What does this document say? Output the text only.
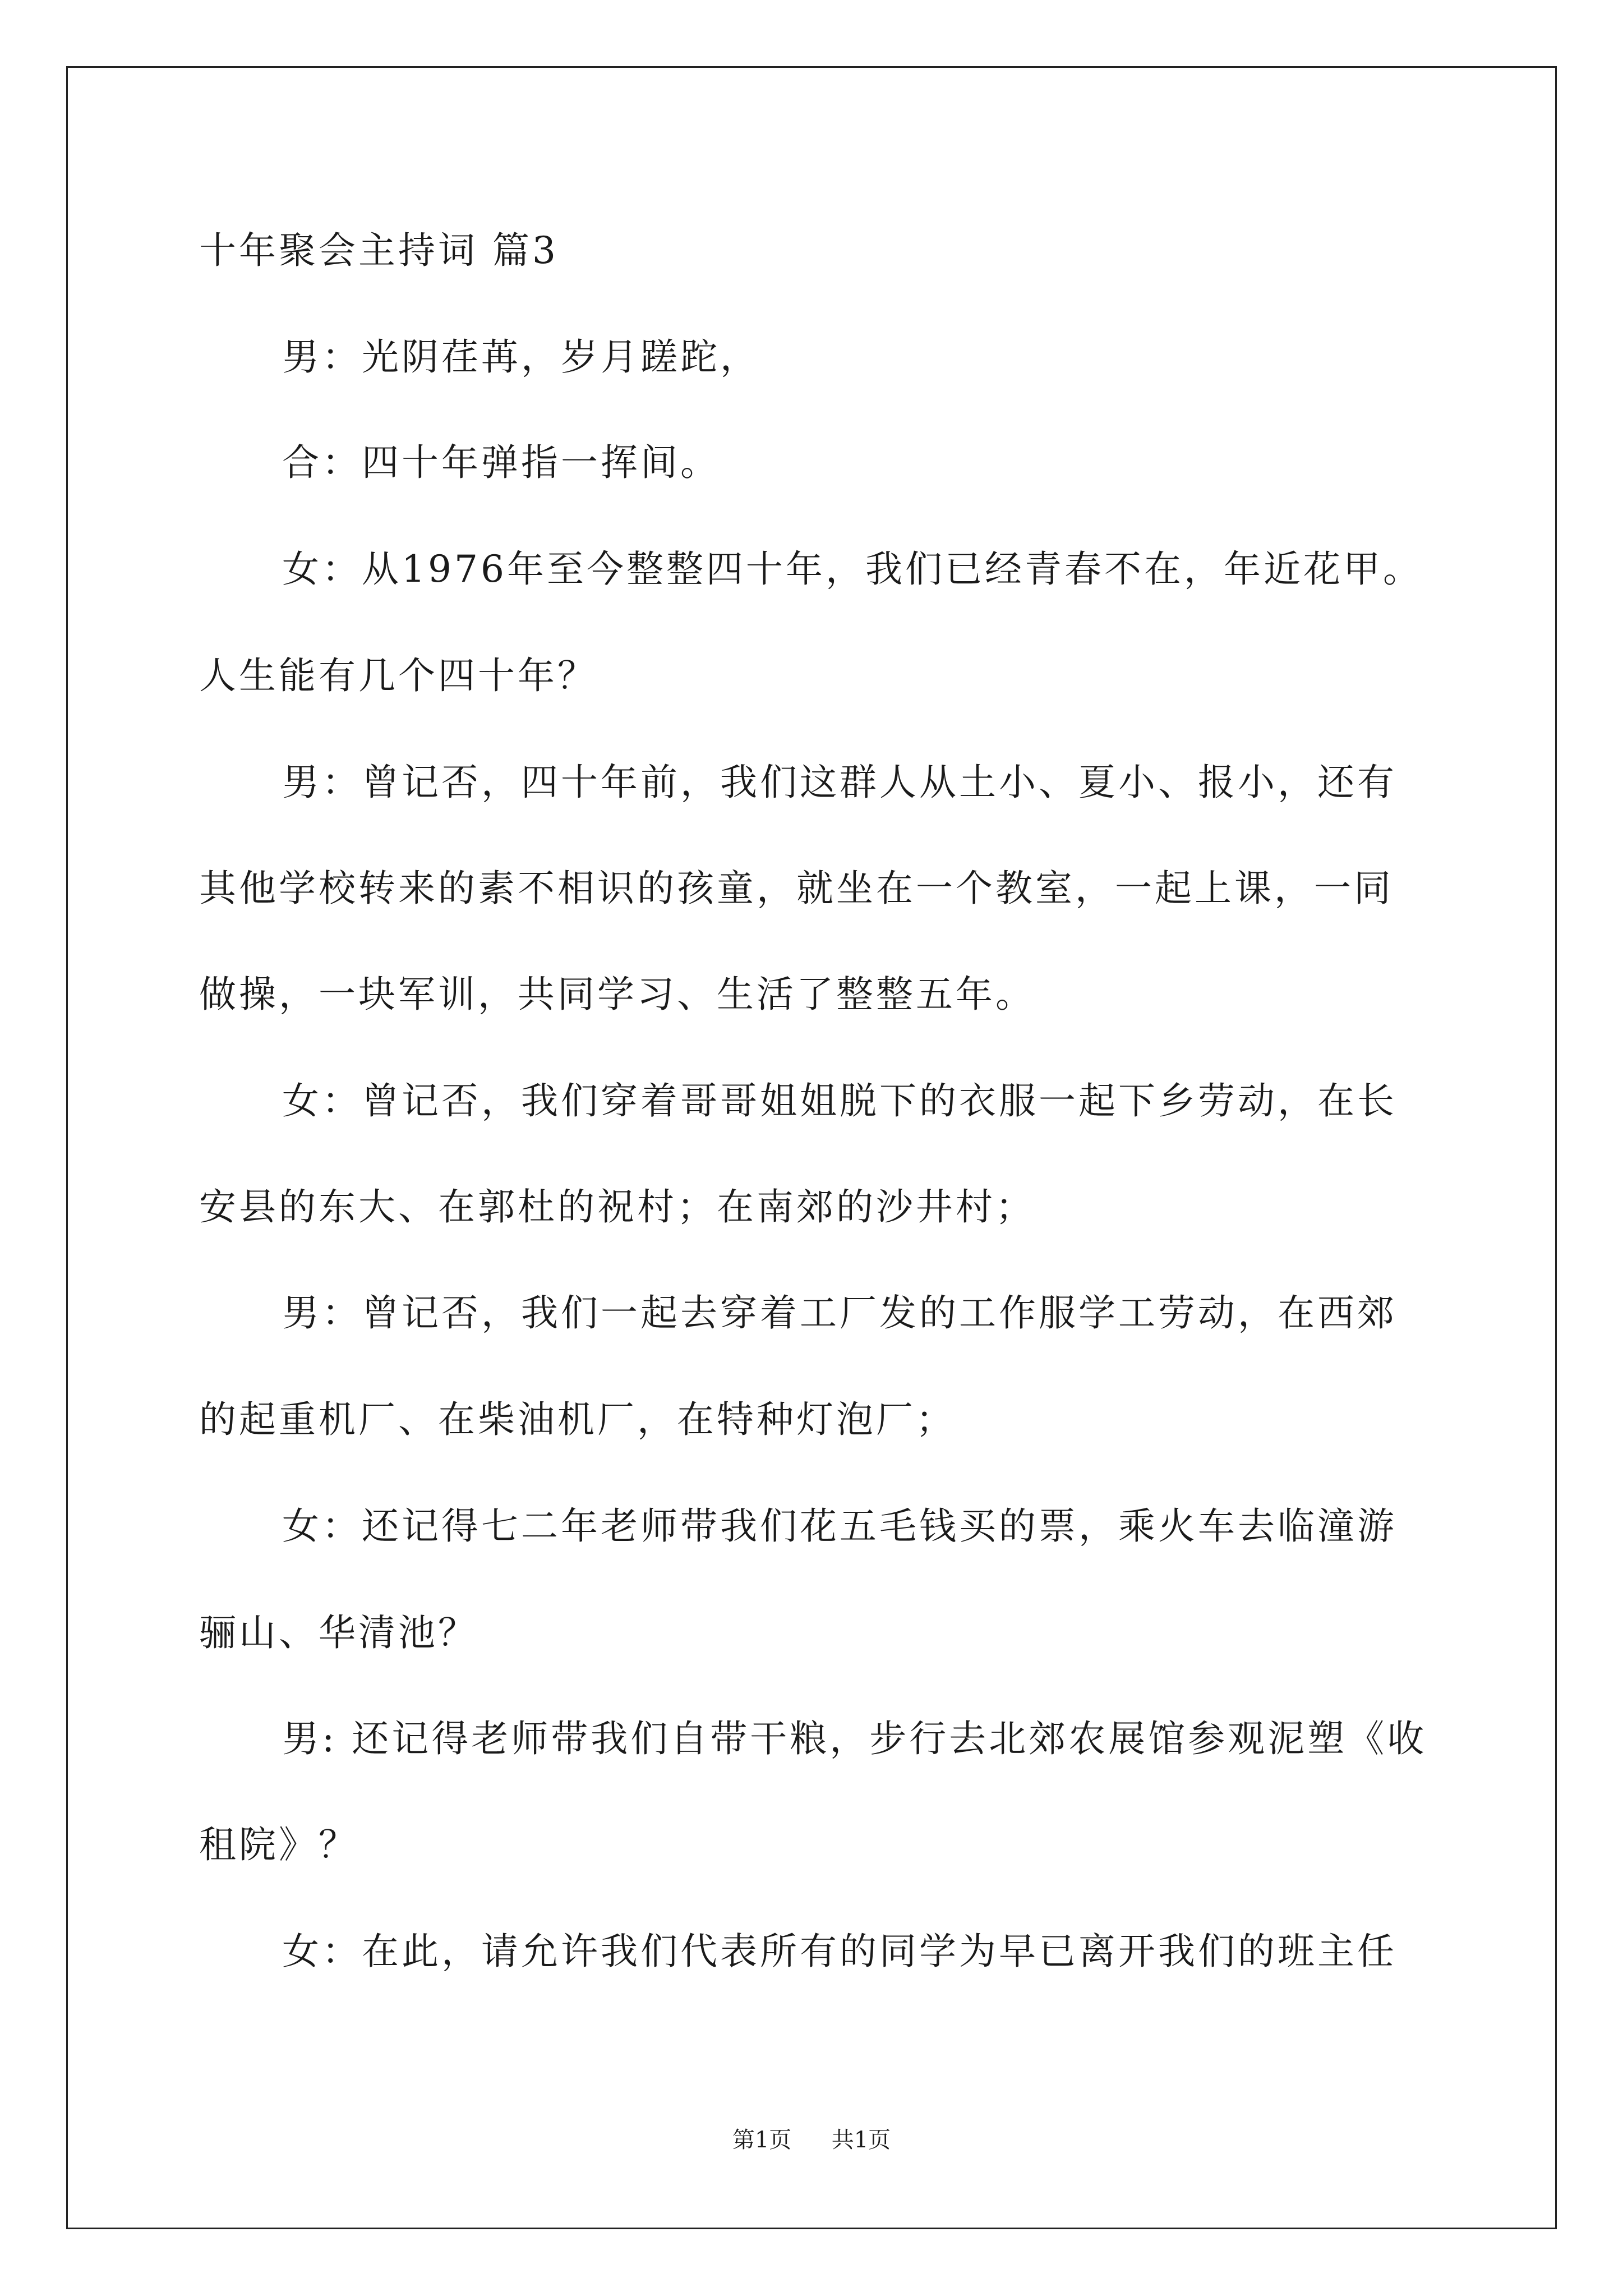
十年聚会主持词 篇3
男：光阴荏苒，岁月蹉跎，
合：四十年弹指一挥间。
女：从1976年至今整整四十年，我们已经青春不在，年近花甲。
人生能有几个四十年？
男：曾记否，四十年前，我们这群人从土小、夏小、报小，还有
其他学校转来的素不相识的孩童，就坐在一个教室，一起上课，一同
做操，一块军训，共同学习、生活了整整五年。
女：曾记否，我们穿着哥哥姐姐脱下的衣服一起下乡劳动，在长
安县的东大、在郭杜的祝村；在南郊的沙井村；
男：曾记否，我们一起去穿着工厂发的工作服学工劳动，在西郊
的起重机厂、在柴油机厂，在特种灯泡厂；
女：还记得七二年老师带我们花五毛钱买的票，乘火车去临潼游
骊山、华清池？
男: 还记得老师带我们自带干粮，步行去北郊农展馆参观泥塑《收
租院》？
女：在此，请允许我们代表所有的同学为早已离开我们的班主任
第1页 共1页
